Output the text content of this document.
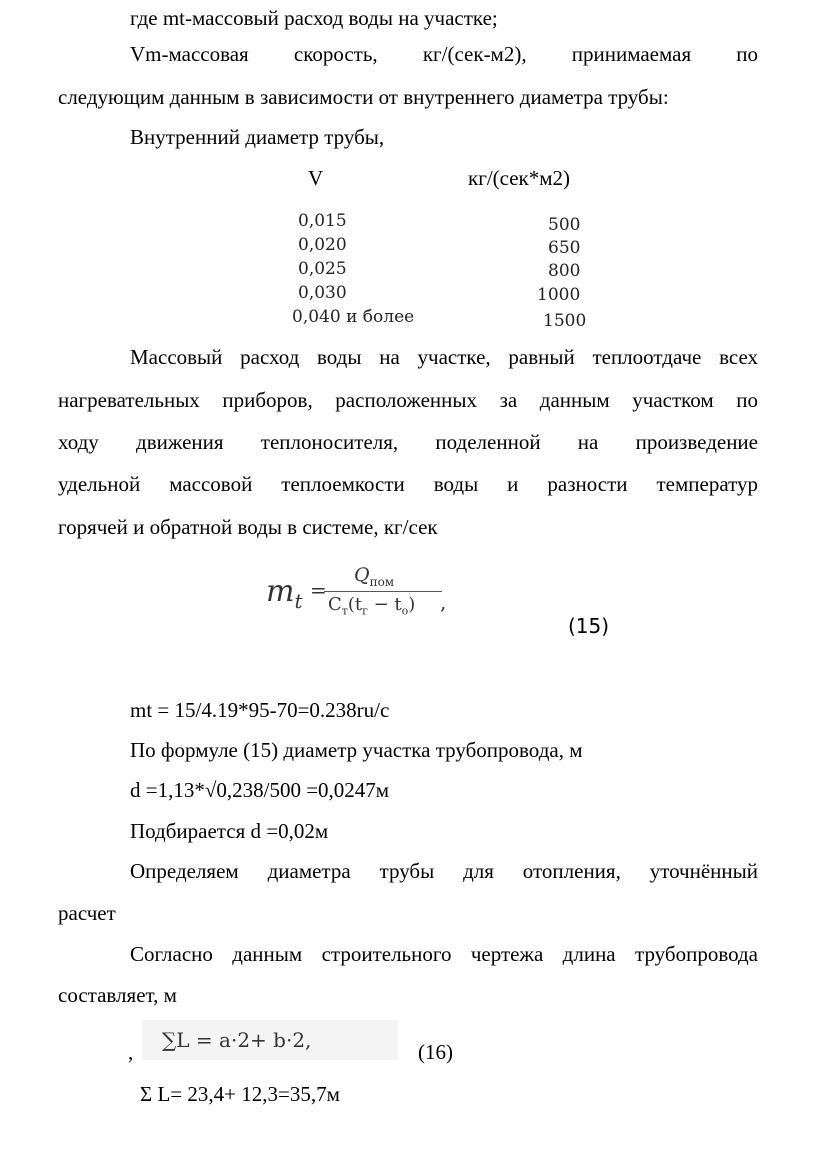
где mt-массовый расход воды на участке;
Vm-массовая скорость, кг/(сек-м2), принимаемая по
следующим данным в зависимости от внутреннего диаметра трубы:
Внутренний диаметр трубы,
V	кг/(сек*м2)
0,015	500
0,020	650
0,025	800
0,030	1000
0,040 и более	1500
Массовый расход воды на участке, равный теплоотдаче всех
нагревательных приборов, расположенных за данным участком по
ходу движения теплоносителя, поделенной на произведение
удельной массовой теплоемкости воды и разности температур
горячей и обратной воды в системе, кг/сек
$m_t$ =
$Q_{пом}$
$C_т(t_г - t_о)$ ,
(15)
mt = 15/4.19*95-70=0.238ru/c
По формуле (15) диаметр участка трубопровода, м
d =1,13*√0,238/500 =0,0247м
Подбирается d =0,02м
Определяем диаметра трубы для отопления, уточнённый
расчет
Согласно данным строительного чертежа длина трубопровода
составляет, м
, ∑L = a·2+ b·2,	(16)
Σ L= 23,4+ 12,3=35,7м
